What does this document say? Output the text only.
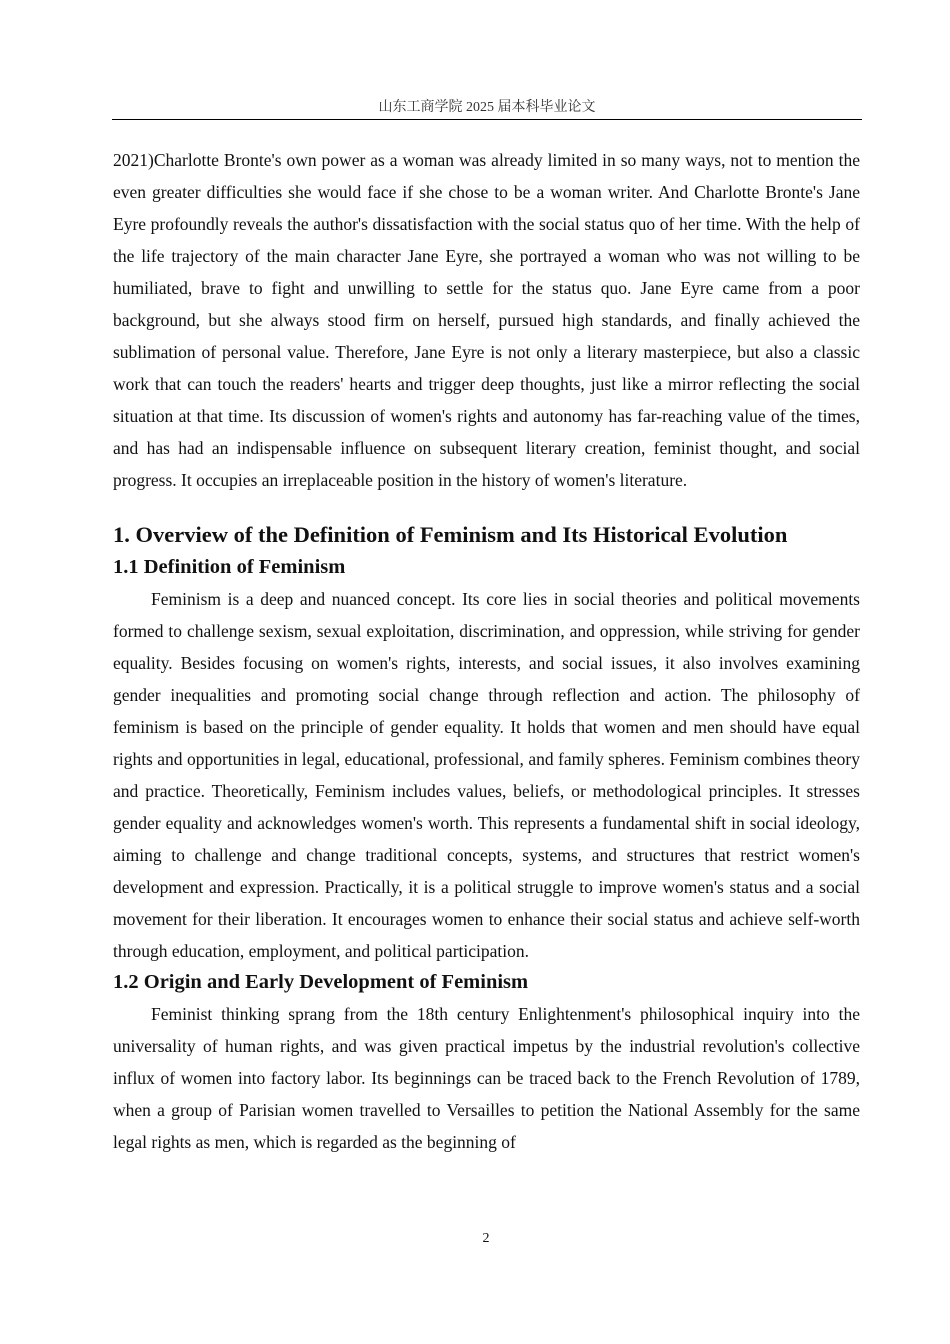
山东工商学院 2025 届本科毕业论文

2021)Charlotte Bronte's own power as a woman was already limited in so many ways, not to mention the even greater difficulties she would face if she chose to be a woman writer. And Charlotte Bronte's Jane Eyre profoundly reveals the author's dissatisfaction with the social status quo of her time. With the help of the life trajectory of the main character Jane Eyre, she portrayed a woman who was not willing to be humiliated, brave to fight and unwilling to settle for the status quo. Jane Eyre came from a poor background, but she always stood firm on herself, pursued high standards, and finally achieved the sublimation of personal value. Therefore, Jane Eyre is not only a literary masterpiece, but also a classic work that can touch the readers' hearts and trigger deep thoughts, just like a mirror reflecting the social situation at that time. Its discussion of women's rights and autonomy has far-reaching value of the times, and has had an indispensable influence on subsequent literary creation, feminist thought, and social progress. It occupies an irreplaceable position in the history of women's literature.

1. Overview of the Definition of Feminism and Its Historical Evolution
1.1 Definition of Feminism

Feminism is a deep and nuanced concept. Its core lies in social theories and political movements formed to challenge sexism, sexual exploitation, discrimination, and oppression, while striving for gender equality. Besides focusing on women's rights, interests, and social issues, it also involves examining gender inequalities and promoting social change through reflection and action. The philosophy of feminism is based on the principle of gender equality. It holds that women and men should have equal rights and opportunities in legal, educational, professional, and family spheres. Feminism combines theory and practice. Theoretically, Feminism includes values, beliefs, or methodological principles. It stresses gender equality and acknowledges women's worth. This represents a fundamental shift in social ideology, aiming to challenge and change traditional concepts, systems, and structures that restrict women's development and expression. Practically, it is a political struggle to improve women's status and a social movement for their liberation. It encourages women to enhance their social status and achieve self-worth through education, employment, and political participation.

1.2 Origin and Early Development of Feminism

Feminist thinking sprang from the 18th century Enlightenment's philosophical inquiry into the universality of human rights, and was given practical impetus by the industrial revolution's collective influx of women into factory labor. Its beginnings can be traced back to the French Revolution of 1789, when a group of Parisian women travelled to Versailles to petition the National Assembly for the same legal rights as men, which is regarded as the beginning of

2
